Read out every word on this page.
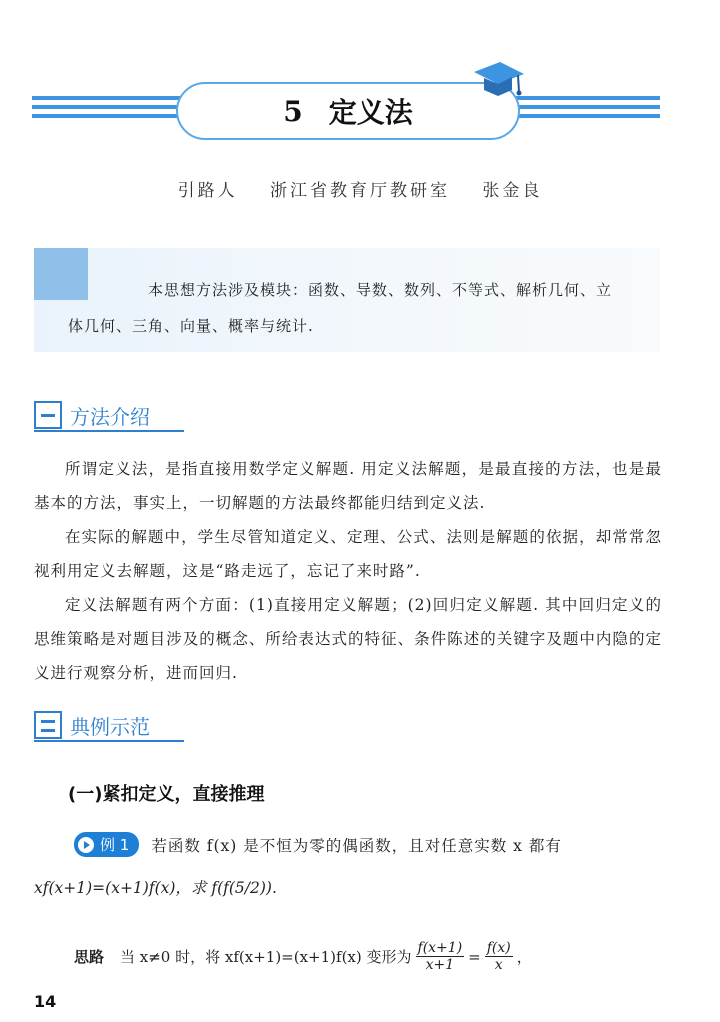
5 定义法
引路人 浙江省教育厅教研室 张金良
本思想方法涉及模块：函数、导数、数列、不等式、解析几何、立
体几何、三角、向量、概率与统计.
方法介绍

所谓定义法，是指直接用数学定义解题. 用定义法解题，是最直接的方法，也是最基本的方法，事实上，一切解题的方法最终都能归结到定义法.

在实际的解题中，学生尽管知道定义、定理、公式、法则是解题的依据，却常常忽视利用定义去解题，这是“路走远了，忘记了来时路”.

定义法解题有两个方面：(1)直接用定义解题；(2)回归定义解题. 其中回归定义的思维策略是对题目涉及的概念、所给表达式的特征、条件陈述的关键字及题中内隐的定义进行观察分析，进而回归.

典例示范
(一)紧扣定义，直接推理
例 1 若函数 f(x) 是不恒为零的偶函数，且对任意实数 x 都有
xf(x+1)=(x+1)f(x)，求 f(f(5/2)).
思路 当 x≠0 时，将 xf(x+1)=(x+1)f(x) 变形为 $\frac{f(x+1)}{x+1} = \frac{f(x)}{x}$ ，
14
